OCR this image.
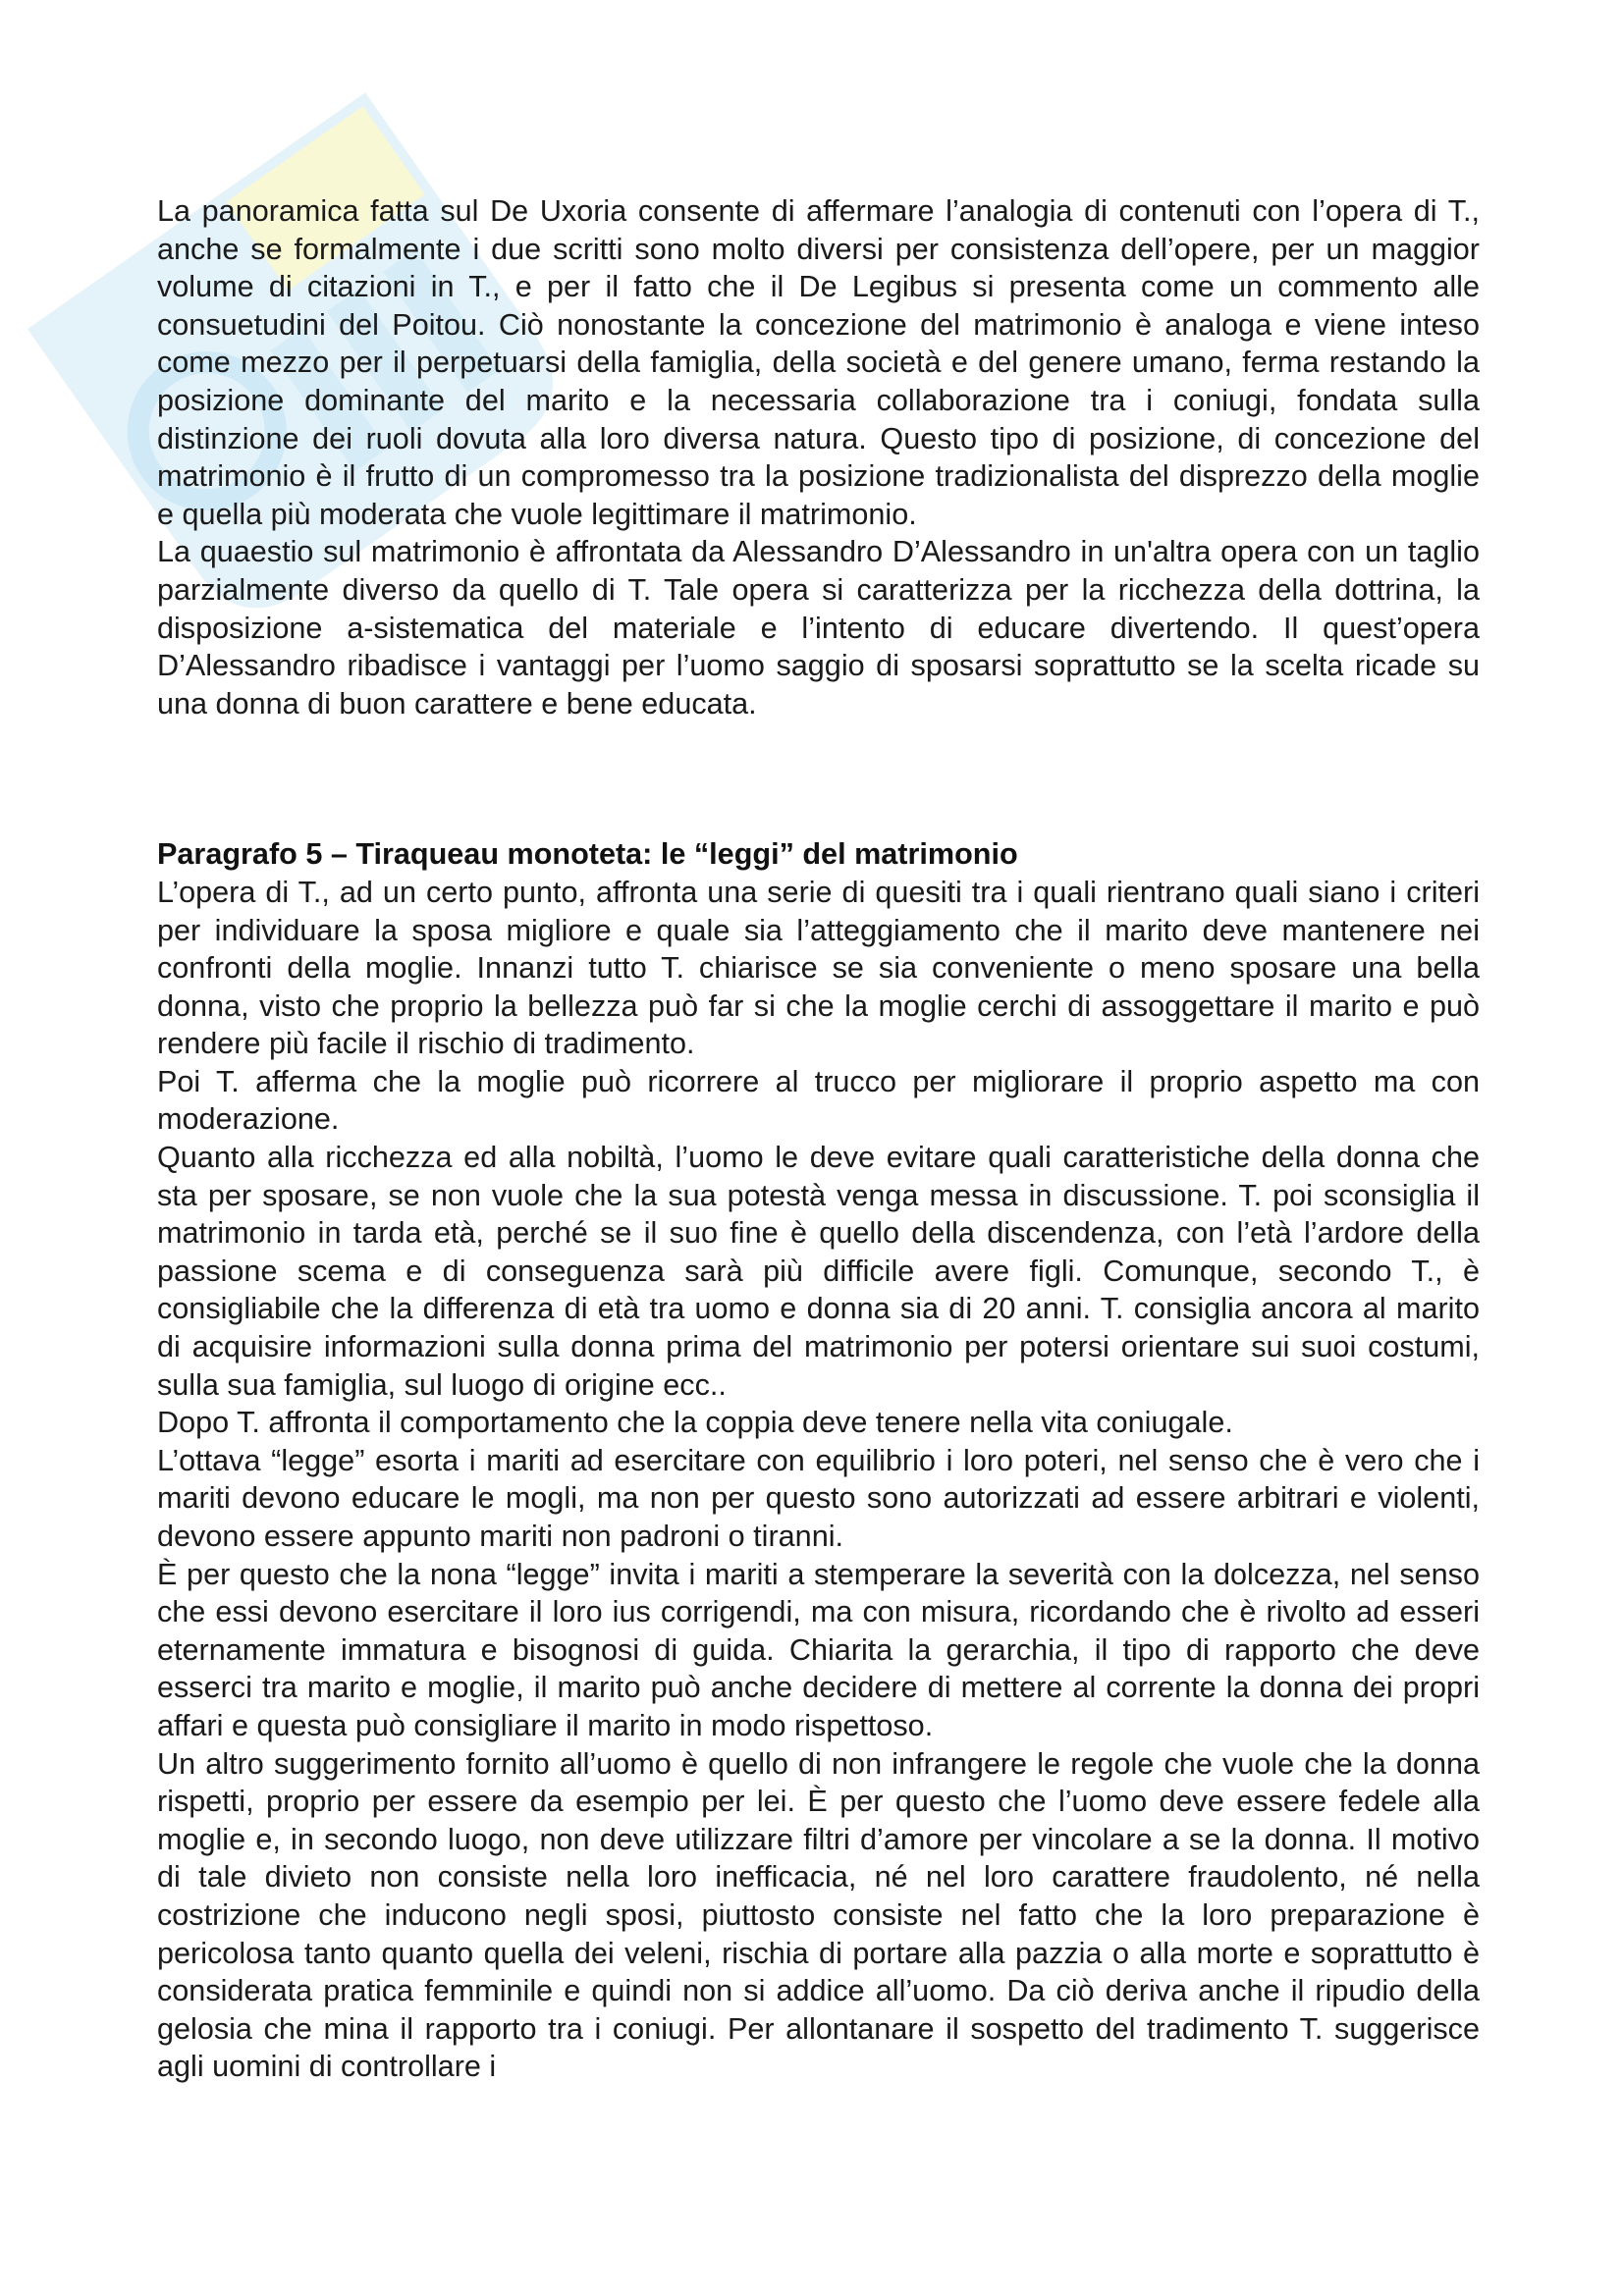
La panoramica fatta sul De Uxoria consente di affermare l’analogia di contenuti con l’opera di T., anche se formalmente i due scritti sono molto diversi per consistenza dell’opere, per un maggior volume di citazioni in T., e per il fatto che il De Legibus si presenta come un commento alle consuetudini del Poitou. Ciò nonostante la concezione del matrimonio è analoga e viene inteso come mezzo per il perpetuarsi della famiglia, della società e del genere umano, ferma restando la posizione dominante del marito e la necessaria collaborazione tra i coniugi, fondata sulla distinzione dei ruoli dovuta alla loro diversa natura. Questo tipo di posizione, di concezione del matrimonio è il frutto di un compromesso tra la posizione tradizionalista del disprezzo della moglie e quella più moderata che vuole legittimare il matrimonio.

La quaestio sul matrimonio è affrontata da Alessandro D’Alessandro in un'altra opera con un taglio parzialmente diverso da quello di T. Tale opera si caratterizza per la ricchezza della dottrina, la disposizione a-sistematica del materiale e l’intento di educare divertendo. Il quest’opera D’Alessandro ribadisce i vantaggi per l’uomo saggio di sposarsi soprattutto se la scelta ricade su una donna di buon carattere e bene educata.

Paragrafo 5 – Tiraqueau monoteta: le “leggi” del matrimonio

L’opera di T., ad un certo punto, affronta una serie di quesiti tra i quali rientrano quali siano i criteri per individuare la sposa migliore e quale sia l’atteggiamento che il marito deve mantenere nei confronti della moglie. Innanzi tutto T. chiarisce se sia conveniente o meno sposare una bella donna, visto che proprio la bellezza può far si che la moglie cerchi di assoggettare il marito e può rendere più facile il rischio di tradimento.

Poi T. afferma che la moglie può ricorrere al trucco per migliorare il proprio aspetto ma con moderazione.

Quanto alla ricchezza ed alla nobiltà, l’uomo le deve evitare quali caratteristiche della donna che sta per sposare, se non vuole che la sua potestà venga messa in discussione. T. poi sconsiglia il matrimonio in tarda età, perché se il suo fine è quello della discendenza, con l’età l’ardore della passione scema e di conseguenza sarà più difficile avere figli. Comunque, secondo T., è consigliabile che la differenza di età tra uomo e donna sia di 20 anni. T. consiglia ancora al marito di acquisire informazioni sulla donna prima del matrimonio per potersi orientare sui suoi costumi, sulla sua famiglia, sul luogo di origine ecc..

Dopo T. affronta il comportamento che la coppia deve tenere nella vita coniugale.

L’ottava “legge” esorta i mariti ad esercitare con equilibrio i loro poteri, nel senso che è vero che i mariti devono educare le mogli, ma non per questo sono autorizzati ad essere arbitrari e violenti, devono essere appunto mariti non padroni o tiranni.

È per questo che la nona “legge” invita i mariti a stemperare la severità con la dolcezza, nel senso che essi devono esercitare il loro ius corrigendi, ma con misura, ricordando che è rivolto ad esseri eternamente immatura e bisognosi di guida. Chiarita la gerarchia, il tipo di rapporto che deve esserci tra marito e moglie, il marito può anche decidere di mettere al corrente la donna dei propri affari e questa può consigliare il marito in modo rispettoso.

Un altro suggerimento fornito all’uomo è quello di non infrangere le regole che vuole che la donna rispetti, proprio per essere da esempio per lei. È per questo che l’uomo deve essere fedele alla moglie e, in secondo luogo, non deve utilizzare filtri d’amore per vincolare a se la donna. Il motivo di tale divieto non consiste nella loro inefficacia, né nel loro carattere fraudolento, né nella costrizione che inducono negli sposi, piuttosto consiste nel fatto che la loro preparazione è pericolosa tanto quanto quella dei veleni, rischia di portare alla pazzia o alla morte e soprattutto è considerata pratica femminile e quindi non si addice all’uomo. Da ciò deriva anche il ripudio della gelosia che mina il rapporto tra i coniugi. Per allontanare il sospetto del tradimento T. suggerisce agli uomini di controllare i
